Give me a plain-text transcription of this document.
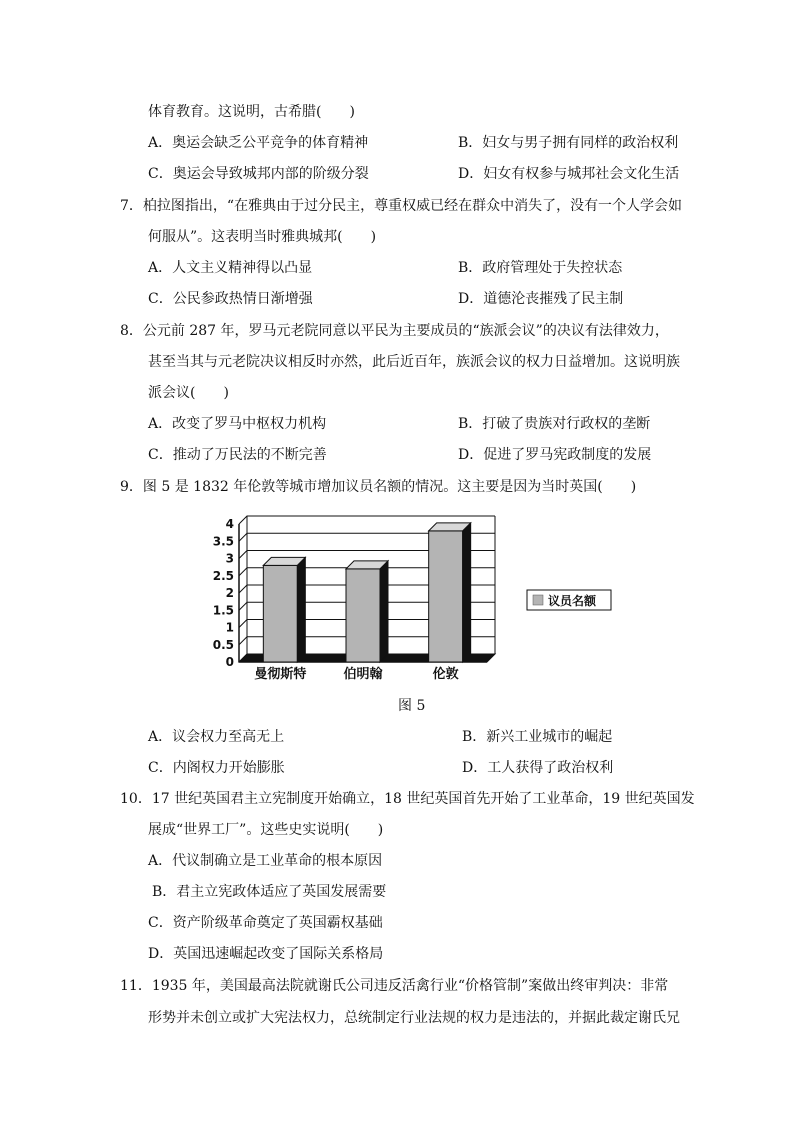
体育教育。这说明，古希腊(　　)
A．奥运会缺乏公平竞争的体育精神	B．妇女与男子拥有同样的政治权利
C．奥运会导致城邦内部的阶级分裂	D．妇女有权参与城邦社会文化生活
7．柏拉图指出，“在雅典由于过分民主，尊重权威已经在群众中消失了，没有一个人学会如
何服从”。这表明当时雅典城邦(　　)
A．人文主义精神得以凸显	B．政府管理处于失控状态
C．公民参政热情日渐增强	D．道德沦丧摧残了民主制
8．公元前 287 年，罗马元老院同意以平民为主要成员的“族派会议”的决议有法律效力，
甚至当其与元老院决议相反时亦然，此后近百年，族派会议的权力日益增加。这说明族
派会议(　　)
A．改变了罗马中枢权力机构	B．打破了贵族对行政权的垄断
C．推动了万民法的不断完善	D．促进了罗马宪政制度的发展
9．图 5 是 1832 年伦敦等城市增加议员名额的情况。这主要是因为当时英国(　　)
0
0.5
1
1.5
2
2.5
3
3.5
4
曼彻斯特	伯明翰	伦敦
议员名额
图 5
A．议会权力至高无上	B．新兴工业城市的崛起
C．内阁权力开始膨胀	D．工人获得了政治权利
10．17 世纪英国君主立宪制度开始确立，18 世纪英国首先开始了工业革命，19 世纪英国发
展成“世界工厂”。这些史实说明(　　)
A．代议制确立是工业革命的根本原因
B．君主立宪政体适应了英国发展需要
C．资产阶级革命奠定了英国霸权基础
D．英国迅速崛起改变了国际关系格局
11．1935 年，美国最高法院就谢氏公司违反活禽行业“价格管制”案做出终审判决：非常
形势并未创立或扩大宪法权力，总统制定行业法规的权力是违法的，并据此裁定谢氏兄
